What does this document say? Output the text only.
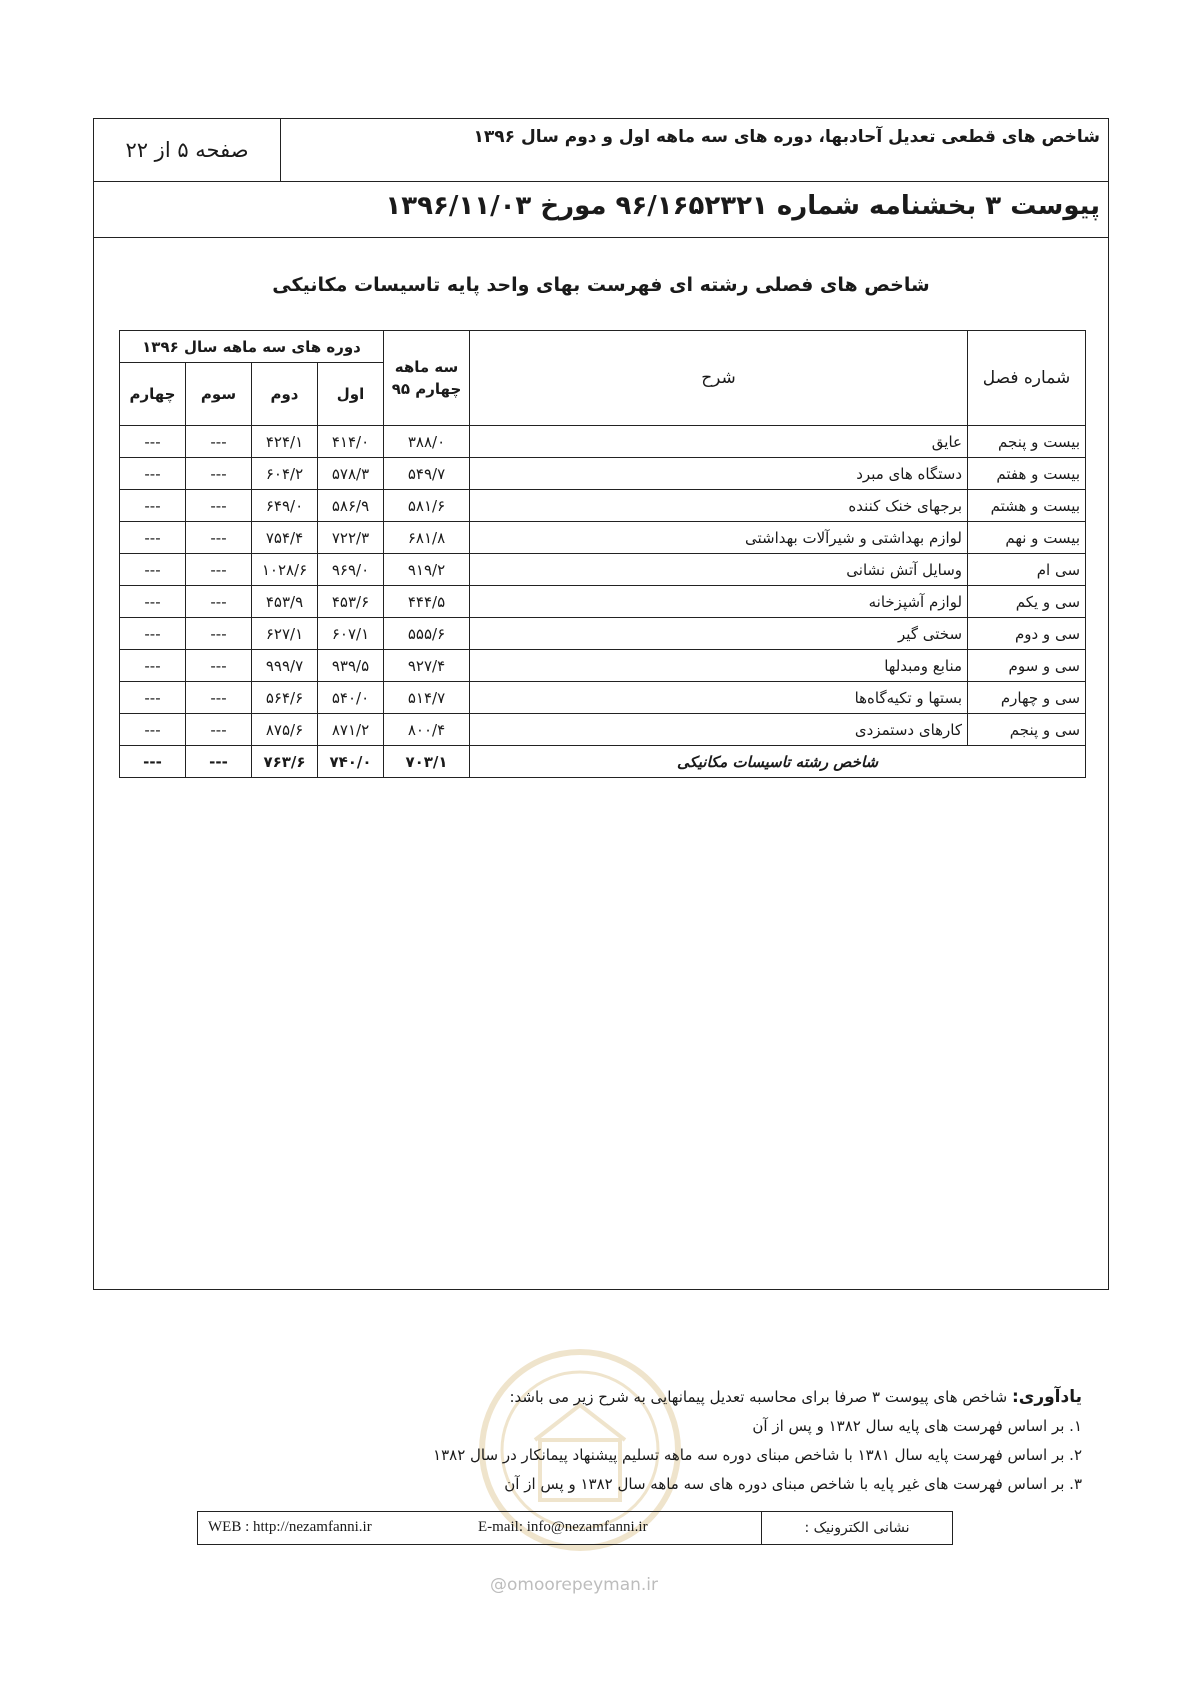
صفحه ۵ از ۲۲
شاخص های قطعی تعدیل آحادبها، دوره های سه ماهه اول و دوم سال ۱۳۹۶
پیوست ۳ بخشنامه شماره ۹۶/۱۶۵۲۳۲۱ مورخ ۱۳۹۶/۱۱/۰۳
شاخص های فصلی رشته ای فهرست بهای واحد پایه تاسیسات مکانیکی
دوره های سه ماهه سال ۱۳۹۶				سه ماهه چهارم ۹۵	شرح	شماره فصل
چهارم	سوم	دوم	اول			
---	---	۴۲۴/۱	۴۱۴/۰	۳۸۸/۰	عایق	بیست و پنجم
---	---	۶۰۴/۲	۵۷۸/۳	۵۴۹/۷	دستگاه های مبرد	بیست و هفتم
---	---	۶۴۹/۰	۵۸۶/۹	۵۸۱/۶	برجهای خنک کننده	بیست و هشتم
---	---	۷۵۴/۴	۷۲۲/۳	۶۸۱/۸	لوازم بهداشتی و شیرآلات بهداشتی	بیست و نهم
---	---	۱۰۲۸/۶	۹۶۹/۰	۹۱۹/۲	وسایل آتش نشانی	سی ام
---	---	۴۵۳/۹	۴۵۳/۶	۴۴۴/۵	لوازم آشپزخانه	سی و یکم
---	---	۶۲۷/۱	۶۰۷/۱	۵۵۵/۶	سختی گیر	سی و دوم
---	---	۹۹۹/۷	۹۳۹/۵	۹۲۷/۴	منابع ومبدلها	سی و سوم
---	---	۵۶۴/۶	۵۴۰/۰	۵۱۴/۷	بستها و تکیه‌گاه‌ها	سی و چهارم
---	---	۸۷۵/۶	۸۷۱/۲	۸۰۰/۴	کارهای دستمزدی	سی و پنجم
---	---	۷۶۳/۶	۷۴۰/۰	۷۰۳/۱	شاخص رشته تاسیسات مکانیکی	
یادآوری: شاخص های پیوست ۳ صرفا برای محاسبه تعدیل پیمانهایی به شرح زیر می باشد:
۱. بر اساس فهرست های پایه سال ۱۳۸۲ و پس از آن
۲. بر اساس فهرست پایه سال ۱۳۸۱ با شاخص مبنای دوره سه ماهه تسلیم پیشنهاد پیمانکار در سال ۱۳۸۲
۳. بر اساس فهرست های غیر پایه با شاخص مبنای دوره های سه ماهه سال ۱۳۸۲ و پس از آن
نشانی الکترونیک :
E-mail: info@nezamfanni.ir
WEB : http://nezamfanni.ir
@omoorepeyman.ir
